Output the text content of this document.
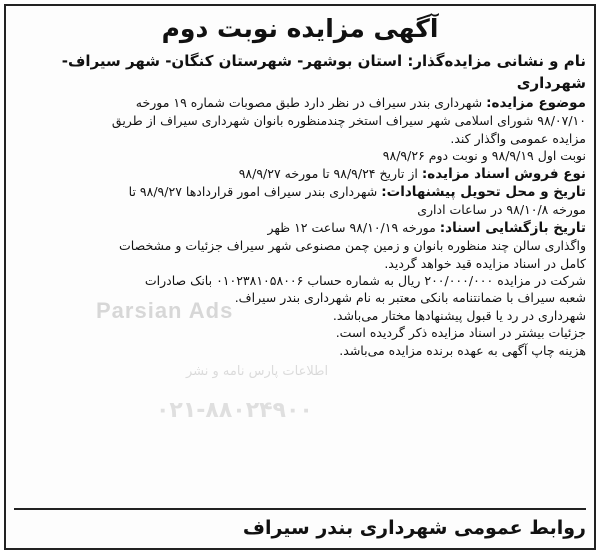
آگهی مزایده نوبت دوم
نام و نشانی مزایده‌گذار: استان بوشهر- شهرستان کنگان- شهر سیراف-
شهرداری
موضوع مزایده: شهرداری بندر سیراف در نظر دارد طبق مصوبات شماره ۱۹ مورخه
۹۸/۰۷/۱۰ شورای اسلامی شهر سیراف استخر چندمنظوره بانوان شهرداری سیراف از طریق
مزایده عمومی واگذار کند.
نوبت اول ۹۸/۹/۱۹ و نوبت دوم ۹۸/۹/۲۶
نوع فروش اسناد مزایده: از تاریخ ۹۸/۹/۲۴ تا مورخه ۹۸/۹/۲۷
تاریخ و محل تحویل پیشنهادات: شهرداری بندر سیراف امور قراردادها ۹۸/۹/۲۷ تا
مورخه ۹۸/۱۰/۸ در ساعات اداری
تاریخ بازگشایی اسناد: مورخه ۹۸/۱۰/۱۹ ساعت ۱۲ ظهر
واگذاری سالن چند منظوره بانوان و زمین چمن مصنوعی شهر سیراف جزئیات و مشخصات
کامل در اسناد مزایده قید خواهد گردید.
شرکت در مزایده ۲۰۰/۰۰۰/۰۰۰ ریال به شماره حساب ۰۱۰۲۳۸۱۰۵۸۰۰۶ بانک صادرات
شعبه سیراف با ضمانتنامه بانکی معتبر به نام شهرداری بندر سیراف.
شهرداری در رد یا قبول پیشنهادها مختار می‌باشد.
جزئیات بیشتر در اسناد مزایده ذکر گردیده است.
هزینه چاپ آگهی به عهده برنده مزایده می‌باشد.
روابط عمومی شهرداری بندر سیراف
Parsian Ads
اطلاعات پارس نامه و نشر
۰۲۱-۸۸۰۲۴۹۰۰
